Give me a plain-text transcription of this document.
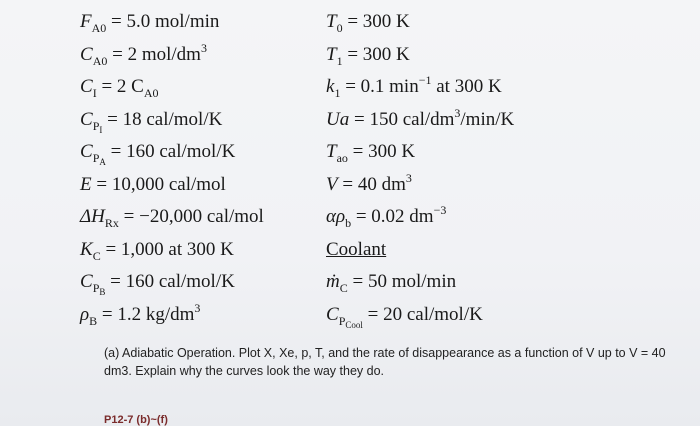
$F_{A0} = 5.0$ mol/min
$C_{A0} = 2$ mol/$dm^3$
$C_I = 2$ $C_{A0}$
$C_{P_I} = 18$ cal/mol/K
$C_{P_A} = 160$ cal/mol/K
E = 10,000 cal/mol
$\Delta H_{Rx} = -20,000$ cal/mol
$K_C = 1,000$ at 300 K
$C_{P_B} = 160$ cal/mol/K
$\rho_B = 1.2$ $kg/dm^3$
$T_0 = 300$ K
$T_1 = 300$ K
$k_1 = 0.1$ $\min^{-1}$ at 300 K
Ua = 150 cal/$dm^3/\min/K$
$T_{ao} = 300$ K
V = 40 $dm^3$
$\alpha\rho_b = 0.02$ $dm^{-3}$
Coolant
ṁ$_C$ = 50 mol/min
$C_{P_{Cool}} = 20$ cal/mol/K
(a) Adiabatic Operation. Plot X, Xe, p, T, and the rate of disappearance as a function of V up to V = 40 dm3. Explain why the curves look the way they do.
P12-7 (b)~(f)
